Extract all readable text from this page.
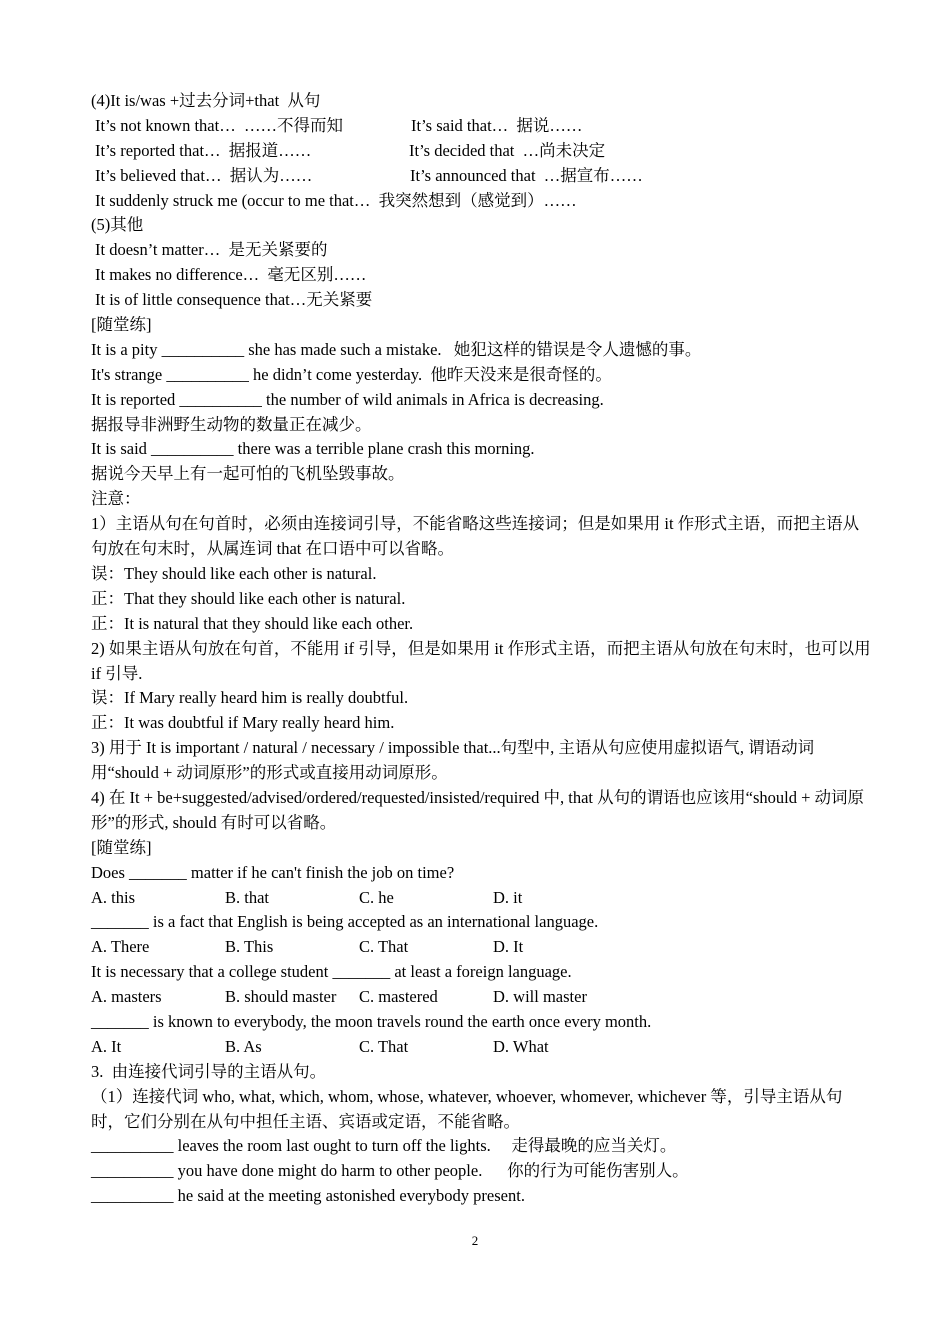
(4)It is/was +过去分词+that  从句
It’s not known that…  ……不得而知	It’s said that…  据说……
It’s reported that…  据报道……	It’s decided that  …尚未决定
It’s believed that…  据认为……	It’s announced that  …据宣布……
It suddenly struck me (occur to me that…  我突然想到（感觉到）……
(5)其他
It doesn’t matter…  是无关紧要的
It makes no difference…  毫无区别……
It is of little consequence that…无关紧要
[随堂练]
It is a pity __________ she has made such a mistake.   她犯这样的错误是令人遗憾的事。
It's strange __________ he didn’t come yesterday.  他昨天没来是很奇怪的。
It is reported __________ the number of wild animals in Africa is decreasing.
据报导非洲野生动物的数量正在减少。
It is said __________ there was a terrible plane crash this morning.
据说今天早上有一起可怕的飞机坠毁事故。
注意：
1）主语从句在句首时，必须由连接词引导，不能省略这些连接词；但是如果用 it 作形式主语，而把主语从句放在句末时，从属连词 that 在口语中可以省略。
误：They should like each other is natural.
正：That they should like each other is natural.
正：It is natural that they should like each other.
2) 如果主语从句放在句首，不能用 if 引导，但是如果用 it 作形式主语，而把主语从句放在句末时，也可以用 if 引导.
误：If Mary really heard him is really doubtful.
正：It was doubtful if Mary really heard him.
3) 用于 It is important / natural / necessary / impossible that...句型中, 主语从句应使用虚拟语气, 谓语动词用“should + 动词原形”的形式或直接用动词原形。
4) 在 It + be+suggested/advised/ordered/requested/insisted/required 中, that 从句的谓语也应该用“should + 动词原形”的形式, should 有时可以省略。
[随堂练]
Does _______ matter if he can't finish the job on time?
A. this	B. that	C. he	D. it
_______ is a fact that English is being accepted as an international language.
A. There	B. This	C. That	D. It
It is necessary that a college student _______ at least a foreign language.
A. masters	B. should master	C. mastered	D. will master
_______ is known to everybody, the moon travels round the earth once every month.
A. It	B. As	C. That	D. What
3.  由连接代词引导的主语从句。
（1）连接代词 who, what, which, whom, whose, whatever, whoever, whomever, whichever 等，引导主语从句时，它们分别在从句中担任主语、宾语或定语，不能省略。
__________ leaves the room last ought to turn off the lights.     走得最晚的应当关灯。
__________ you have done might do harm to other people.      你的行为可能伤害别人。
__________ he said at the meeting astonished everybody present.
2
